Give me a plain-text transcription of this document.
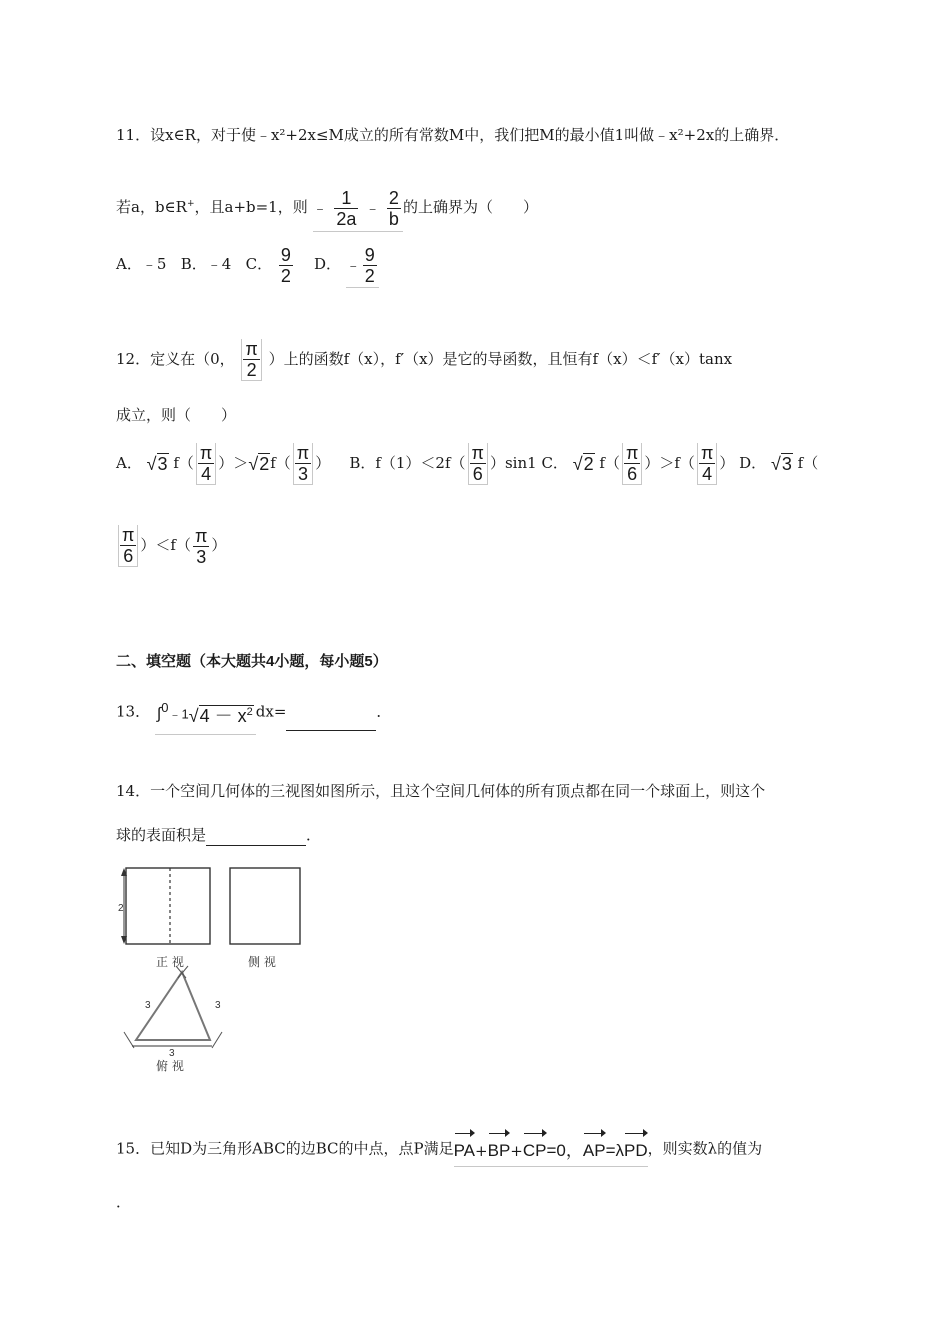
11．设x∈R，对于使﹣x²+2x≤M成立的所有常数M中，我们把M的最小值1叫做﹣x²+2x的上确界．
若a，b∈R+，且a+b=1，则 ﹣ $\frac{1}{2a}$ ﹣ $\frac{2}{b}$ 的上确界为（　　）
A．﹣5 B．﹣4 C． $\frac{9}{2}$ D． ﹣ $\frac{9}{2}$
12．定义在（0， $\frac{\pi}{2}$ ）上的函数f（x），f′（x）是它的导函数，且恒有f（x）＜f′（x）tanx
成立，则（　　）
A． √3 $f( \frac{\pi}{4} )>√2f( \frac{\pi}{3}$ ） B．$f(1)<2f( \frac{\pi}{6} )\sin 1$ C． √2 $f( \frac{\pi}{6} )>f( \frac{\pi}{4}$ ） D． √3 f（
$\frac{\pi}{6} )<f( \frac{\pi}{3}$ ）
二、填空题（本大题共4小题，每小题5）
13． ∫$^0$﹣1√4 － $x^2$ dx=	．
14．一个空间几何体的三视图如图所示，且这个空间几何体的所有顶点都在同一个球面上，则这个
球的表面积是	．
2
正 视	侧 视
3	3
3
俯 视
15．已知D为三角形ABC的边BC的中点，点P满足PA+BP+CP=0，AP=λPD，则实数λ的值为
．
